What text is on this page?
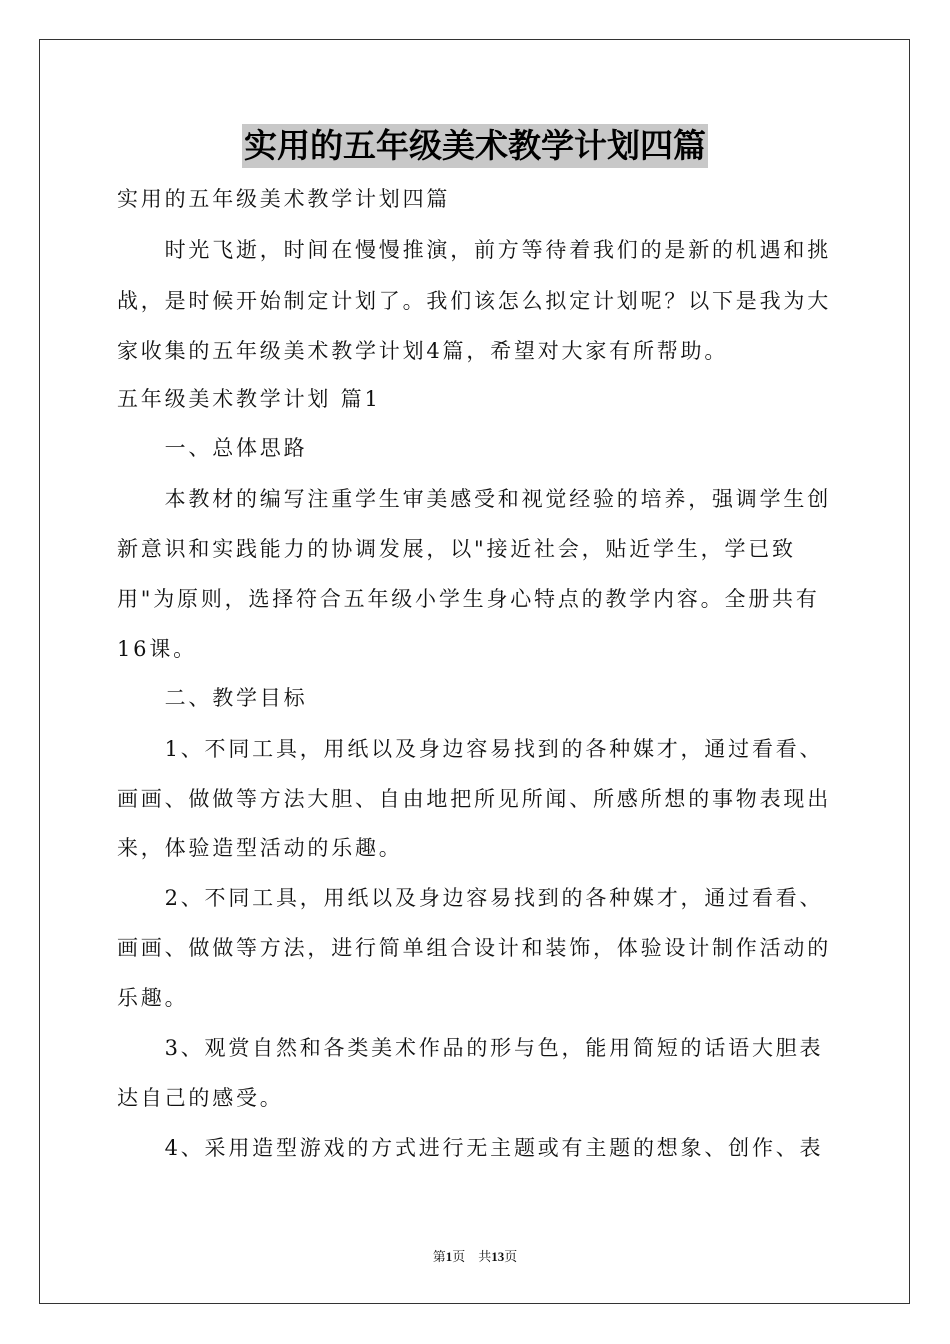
实用的五年级美术教学计划四篇
实用的五年级美术教学计划四篇
　　时光飞逝，时间在慢慢推演，前方等待着我们的是新的机遇和挑
战，是时候开始制定计划了。我们该怎么拟定计划呢？以下是我为大
家收集的五年级美术教学计划4篇，希望对大家有所帮助。
五年级美术教学计划 篇1
　　一、总体思路
　　本教材的编写注重学生审美感受和视觉经验的培养，强调学生创
新意识和实践能力的协调发展，以"接近社会，贴近学生，学已致
用"为原则，选择符合五年级小学生身心特点的教学内容。全册共有
16课。
　　二、教学目标
　　1、不同工具，用纸以及身边容易找到的各种媒才，通过看看、
画画、做做等方法大胆、自由地把所见所闻、所感所想的事物表现出
来，体验造型活动的乐趣。
　　2、不同工具，用纸以及身边容易找到的各种媒才，通过看看、
画画、做做等方法，进行简单组合设计和装饰，体验设计制作活动的
乐趣。
　　3、观赏自然和各类美术作品的形与色，能用简短的话语大胆表
达自己的感受。
　　4、采用造型游戏的方式进行无主题或有主题的想象、创作、表
第1页 共13页
